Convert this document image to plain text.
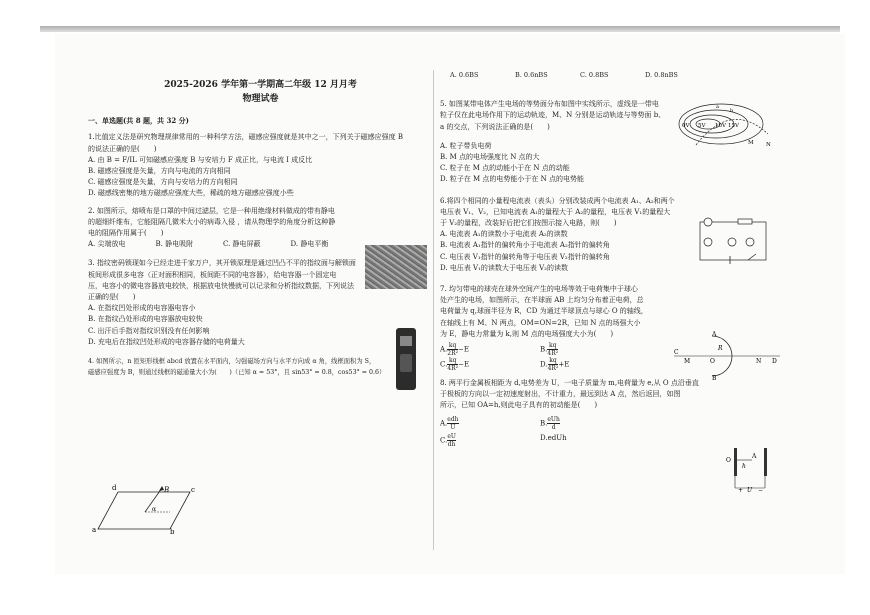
2025-2026 学年第一学期高二年级 12 月月考

物理试卷

一、单选题(共 8 题，共 32 分)
1.比值定义法是研究物理规律常用的一种科学方法，磁感应强度就是其中之一，下列关于磁感应强度 B
的说法正确的是(　　)
A. 由 B = F/IL 可知磁感应强度 B 与安培力 F 成正比，与电流 I 成反比
B. 磁感应强度是矢量，方向与电流的方向相同
C. 磁感应强度是矢量，方向与安培力的方向相同
D. 磁感线密集的地方磁感应强度大些，稀疏的地方磁感应强度小些
2. 如图所示，熔喷布是口罩的中间过滤层，它是一种用绝缘材料做成的带有静电
的超细纤维布，它能阻隔几微米大小的病毒入侵 ，请从物理学的角度分析这种静
电的阻隔作用属于(　　)
A. 尖端放电	B. 静电吸附	C. 静电屏蔽	D. 静电平衡
3. 指纹密码锁现如今已经走进千家万户，其开锁原理是通过凹凸不平的指纹面与解锁面
板间形成很多电容（正对面积相同，板间距不同的电容器），给电容器一个固定电
压，电容小的微电容器放电较快，根据放电快慢就可以记录和分析指纹数据，下列说法
正确的是(　　)
A. 在指纹凹处形成的电容器电容小
B. 在指纹凸处形成的电容器放电较快
C. 出汗后手指对指纹识别没有任何影响
D. 充电后在指纹凹处形成的电容器存储的电荷量大
4. 如图所示，n 匝矩形线框 abcd 放置在水平面内，匀强磁场方向与水平方向成 α 角，线框面积为 S，
磁感应强度为 B，则通过线框的磁通量大小为(　　)（已知 α = 53°，且 sin53° = 0.8，cos53° = 0.6）
d	c
a	b
B
α
A. 0.6BS	B. 0.6nBS	C. 0.8BS	D. 0.8nBS
5. 如图某带电体产生电场的等势面分布如图中实线所示，虚线是一带电
粒子仅在此电场作用下的运动轨迹，M、N 分别是运动轨迹与等势面 b、
a 的交点，下列说法正确的是(　　)
A. 粒子带负电荷
B. M 点的电场强度比 N 点的大
C. 粒子在 M 点的动能小于在 N 点的动能
D. 粒子在 M 点的电势能小于在 N 点的电势能
6.将四个相同的小量程电流表（表头）分别改装成两个电流表 A₁、A₂和两个
电压表 V₁、V₂，已知电流表 A₁的量程大于 A₂的量程，电压表 V₁的量程大
于 V₂的量程，改装好后把它们按图示接入电路，则(　　)
A. 电流表 A₁的读数小于电流表 A₂的读数
B. 电流表 A₁指针的偏转角小于电流表 A₂指针的偏转角
C. 电压表 V₁指针的偏转角等于电压表 V₂指针的偏转角
D. 电压表 V₁的读数大于电压表 V₂的读数
7. 均匀带电的球壳在球外空间产生的电场等效于电荷集中于球心
处产生的电场，如图所示，在半球面 AB 上均匀分布着正电荷，总
电荷量为 q,球面半径为 R，CD 为通过半球顶点与球心 O 的轴线，
在轴线上有 M、N 两点，OM=ON=2R，已知 N 点的场强大小
为 E，静电力常量为 k,则 M 点的电场强度大小为(　　)
A. $\frac{kq}{\text{2R²}} -E$	B. $\frac{kq}{\text{4R²}}$
C. $\frac{kq}{\text{4R²}} -E$	D. $\frac{kq}{\text{4R²}} +E$
8. 两平行金属板相距为 d,电势差为 U，一电子质量为 m,电荷量为 e,从 O 点沿垂直
于极板的方向以一定初速度射出，不计重力，最远到达 A 点，然后返回，如图
所示，已知 OA=h,则此电子具有的初动能是(　　)
A. $\frac{\text{edh}}{U}$	B. $\frac{\text{eUh}}{d}$
C. $\frac{eU}{dh}$	D.edUh
0V 5V 10V 15V
a
b
M N
A
B
C
M	O
R
N D
O
A
h
+ U −
